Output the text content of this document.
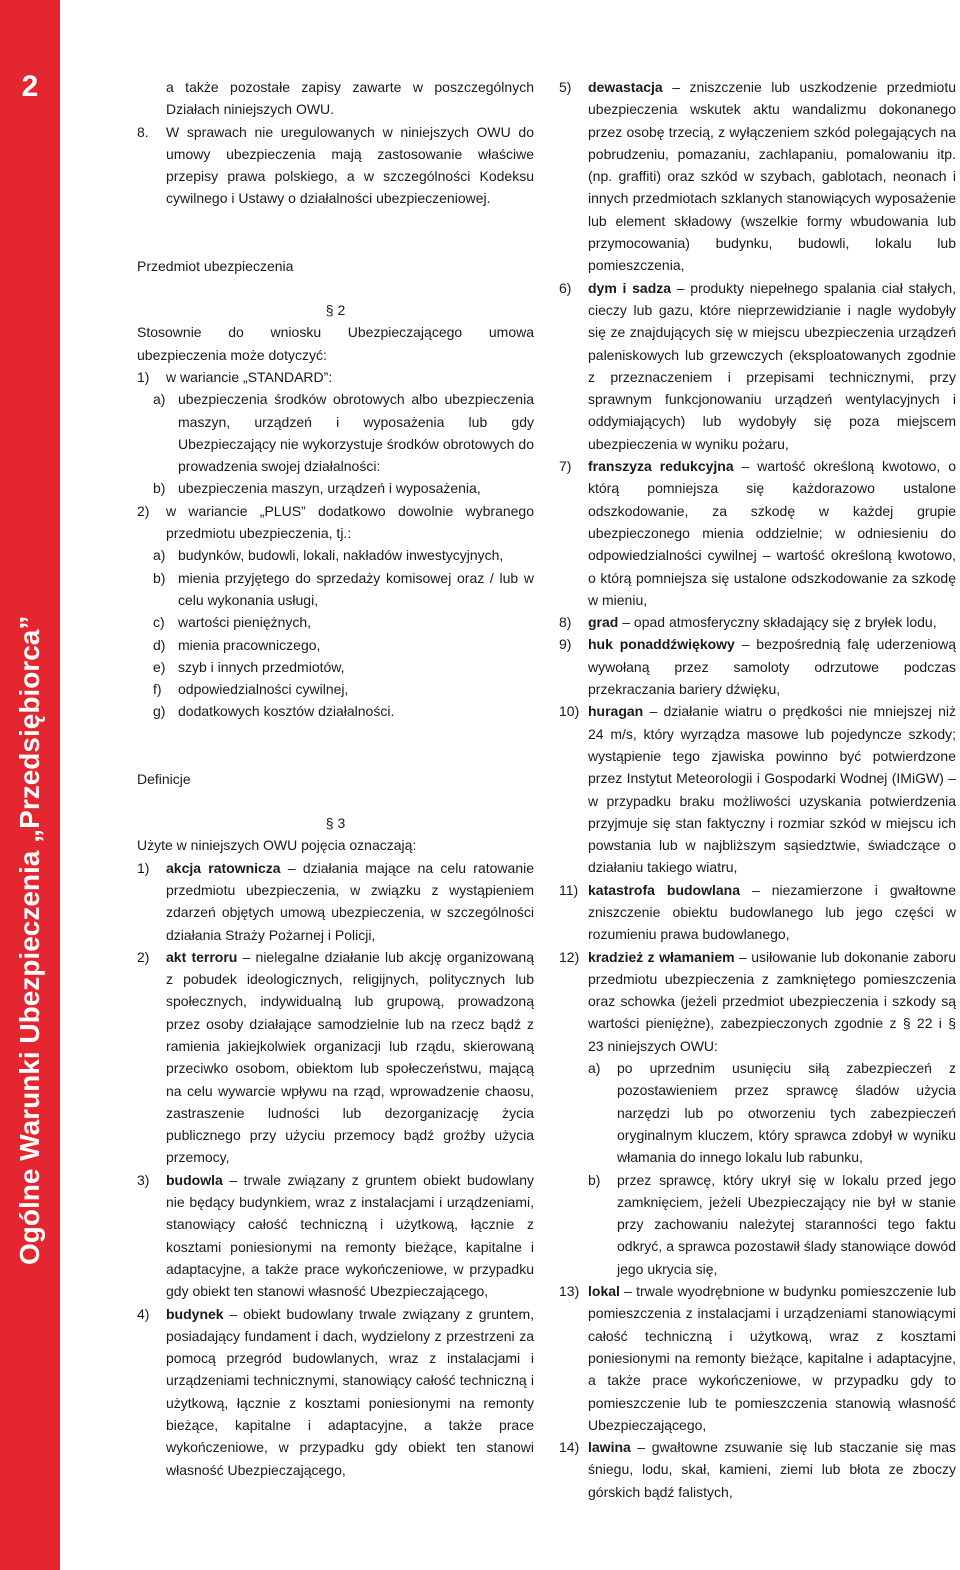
2
Ogólne Warunki Ubezpieczenia „Przedsiębiorca”

a także pozostałe zapisy zawarte w poszczególnych Działach niniejszych OWU.

8. W sprawach nie uregulowanych w niniejszych OWU do umowy ubezpieczenia mają zastosowanie właściwe przepisy prawa polskiego, a w szczególności Kodeksu cywilnego i Ustawy o działalności ubezpieczeniowej.

Przedmiot ubezpieczenia

§ 2

Stosownie do wniosku Ubezpieczającego umowa ubezpieczenia może dotyczyć:

1) w wariancie „STANDARD”:
a) ubezpieczenia środków obrotowych albo ubezpieczenia maszyn, urządzeń i wyposażenia lub gdy Ubezpieczający nie wykorzystuje środków obrotowych do prowadzenia swojej działalności:
b) ubezpieczenia maszyn, urządzeń i wyposażenia,
2) w wariancie „PLUS” dodatkowo dowolnie wybranego przedmiotu ubezpieczenia, tj.:
a) budynków, budowli, lokali, nakładów inwestycyjnych,
b) mienia przyjętego do sprzedaży komisowej oraz / lub w celu wykonania usługi,
c) wartości pieniężnych,
d) mienia pracowniczego,
e) szyb i innych przedmiotów,
f) odpowiedzialności cywilnej,
g) dodatkowych kosztów działalności.

Definicje

§ 3

Użyte w niniejszych OWU pojęcia oznaczają:

1) akcja ratownicza – działania mające na celu ratowanie przedmiotu ubezpieczenia, w związku z wystąpieniem zdarzeń objętych umową ubezpieczenia, w szczególności działania Straży Pożarnej i Policji,
2) akt terroru – nielegalne działanie lub akcję organizowaną z pobudek ideologicznych, religijnych, politycznych lub społecznych, indywidualną lub grupową, prowadzoną przez osoby działające samodzielnie lub na rzecz bądź z ramienia jakiejkolwiek organizacji lub rządu, skierowaną przeciwko osobom, obiektom lub społeczeństwu, mającą na celu wywarcie wpływu na rząd, wprowadzenie chaosu, zastraszenie ludności lub dezorganizację życia publicznego przy użyciu przemocy bądź groźby użycia przemocy,
3) budowla – trwale związany z gruntem obiekt budowlany nie będący budynkiem, wraz z instalacjami i urządzeniami, stanowiący całość techniczną i użytkową, łącznie z kosztami poniesionymi na remonty bieżące, kapitalne i adaptacyjne, a także prace wykończeniowe, w przypadku gdy obiekt ten stanowi własność Ubezpieczającego,
4) budynek – obiekt budowlany trwale związany z gruntem, posiadający fundament i dach, wydzielony z przestrzeni za pomocą przegród budowlanych, wraz z instalacjami i urządzeniami technicznymi, stanowiący całość techniczną i użytkową, łącznie z kosztami poniesionymi na remonty bieżące, kapitalne i adaptacyjne, a także prace wykończeniowe, w przypadku gdy obiekt ten stanowi własność Ubezpieczającego,
5) dewastacja – zniszczenie lub uszkodzenie przedmiotu ubezpieczenia wskutek aktu wandalizmu dokonanego przez osobę trzecią, z wyłączeniem szkód polegających na pobrudzeniu, pomazaniu, zachlapaniu, pomalowaniu itp. (np. graffiti) oraz szkód w szybach, gablotach, neonach i innych przedmiotach szklanych stanowiących wyposażenie lub element składowy (wszelkie formy wbudowania lub przymocowania) budynku, budowli, lokalu lub pomieszczenia,
6) dym i sadza – produkty niepełnego spalania ciał stałych, cieczy lub gazu, które nieprzewidzianie i nagle wydobyły się ze znajdujących się w miejscu ubezpieczenia urządzeń paleniskowych lub grzewczych (eksploatowanych zgodnie z przeznaczeniem i przepisami technicznymi, przy sprawnym funkcjonowaniu urządzeń wentylacyjnych i oddymiających) lub wydobyły się poza miejscem ubezpieczenia w wyniku pożaru,
7) franszyza redukcyjna – wartość określoną kwotowo, o którą pomniejsza się każdorazowo ustalone odszkodowanie, za szkodę w każdej grupie ubezpieczonego mienia oddzielnie; w odniesieniu do odpowiedzialności cywilnej – wartość określoną kwotowo, o którą pomniejsza się ustalone odszkodowanie za szkodę w mieniu,
8) grad – opad atmosferyczny składający się z bryłek lodu,
9) huk ponaddźwiękowy – bezpośrednią falę uderzeniową wywołaną przez samoloty odrzutowe podczas przekraczania bariery dźwięku,
10) huragan – działanie wiatru o prędkości nie mniejszej niż 24 m/s, który wyrządza masowe lub pojedyncze szkody; wystąpienie tego zjawiska powinno być potwierdzone przez Instytut Meteorologii i Gospodarki Wodnej (IMiGW) – w przypadku braku możliwości uzyskania potwierdzenia przyjmuje się stan faktyczny i rozmiar szkód w miejscu ich powstania lub w najbliższym sąsiedztwie, świadczące o działaniu takiego wiatru,
11) katastrofa budowlana – niezamierzone i gwałtowne zniszczenie obiektu budowlanego lub jego części w rozumieniu prawa budowlanego,
12) kradzież z włamaniem – usiłowanie lub dokonanie zaboru przedmiotu ubezpieczenia z zamkniętego pomieszczenia oraz schowka (jeżeli przedmiot ubezpieczenia i szkody są wartości pieniężne), zabezpieczonych zgodnie z § 22 i § 23 niniejszych OWU:
a) po uprzednim usunięciu siłą zabezpieczeń z pozostawieniem przez sprawcę śladów użycia narzędzi lub po otworzeniu tych zabezpieczeń oryginalnym kluczem, który sprawca zdobył w wyniku włamania do innego lokalu lub rabunku,
b) przez sprawcę, który ukrył się w lokalu przed jego zamknięciem, jeżeli Ubezpieczający nie był w stanie przy zachowaniu należytej staranności tego faktu odkryć, a sprawca pozostawił ślady stanowiące dowód jego ukrycia się,
13) lokal – trwale wyodrębnione w budynku pomieszczenie lub pomieszczenia z instalacjami i urządzeniami stanowiącymi całość techniczną i użytkową, wraz z kosztami poniesionymi na remonty bieżące, kapitalne i adaptacyjne, a także prace wykończeniowe, w przypadku gdy to pomieszczenie lub te pomieszczenia stanowią własność Ubezpieczającego,
14) lawina – gwałtowne zsuwanie się lub staczanie się mas śniegu, lodu, skał, kamieni, ziemi lub błota ze zboczy górskich bądź falistych,
